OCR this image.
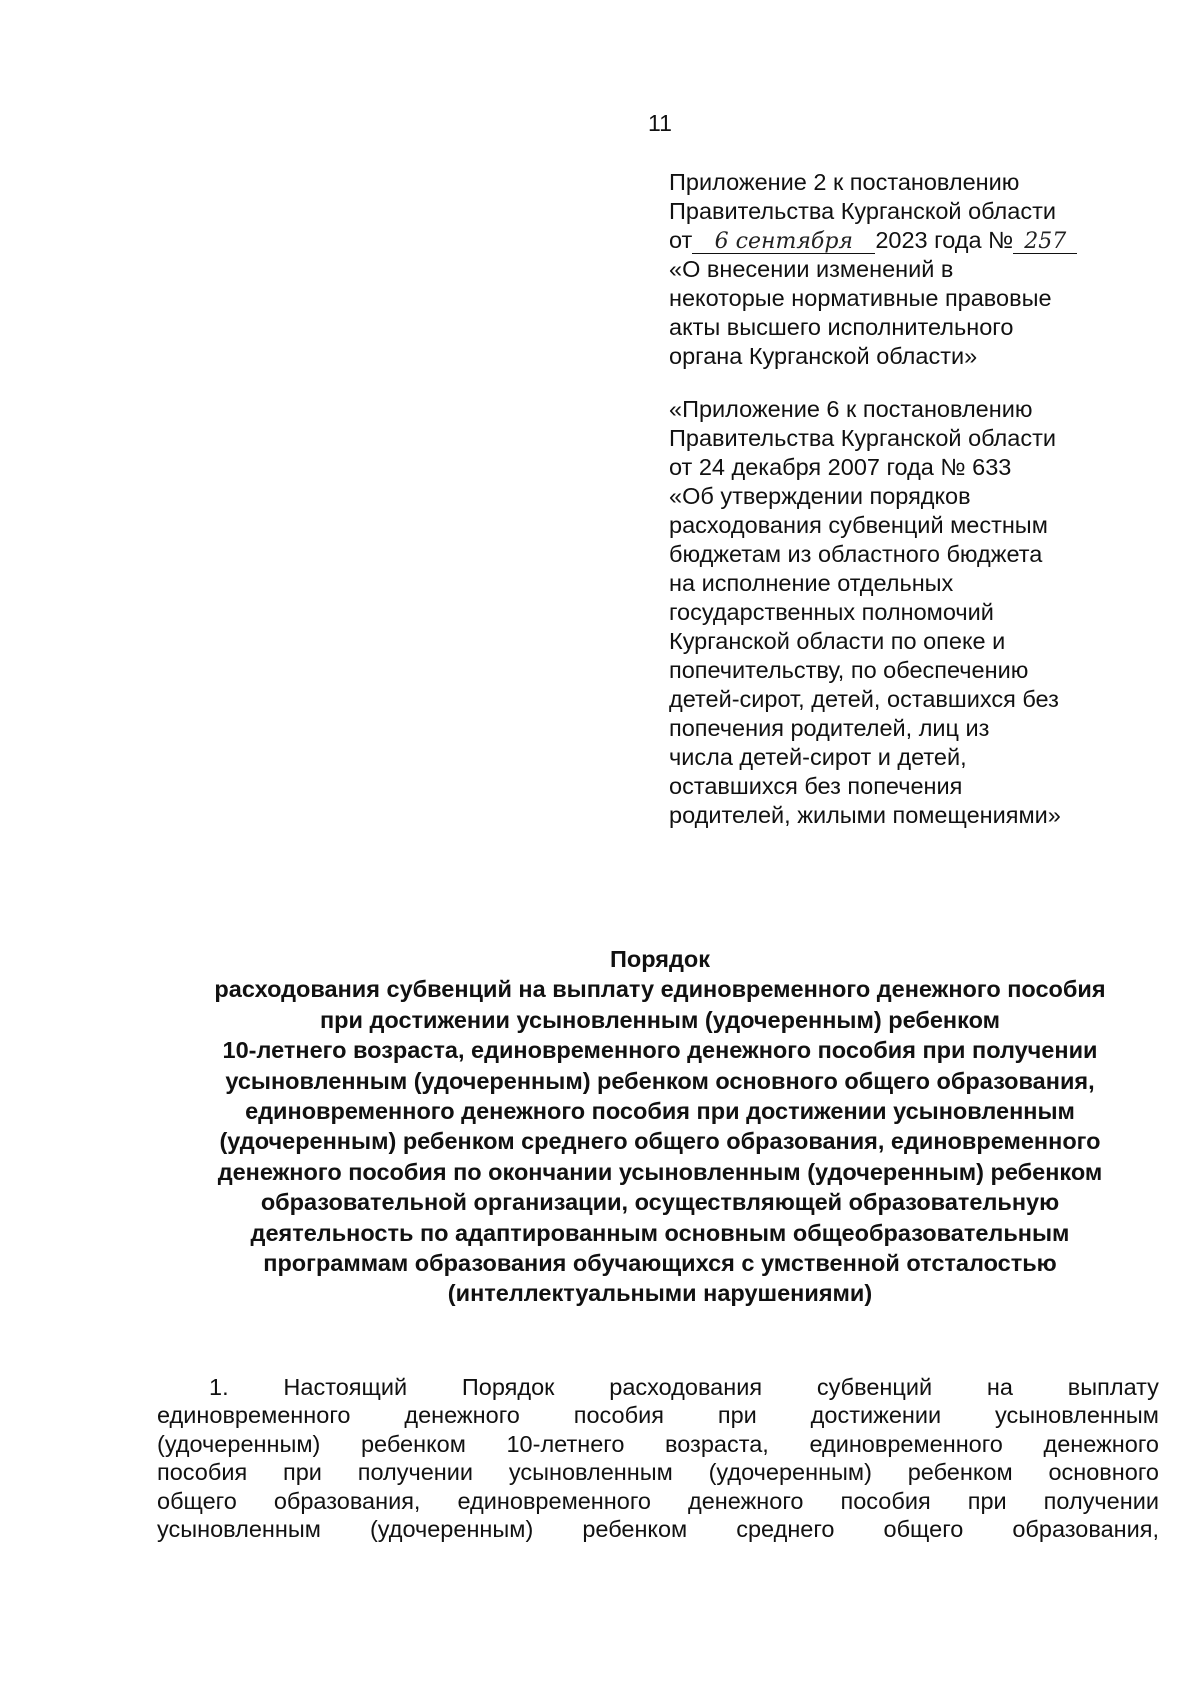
11
Приложение 2 к постановлению
Правительства Курганской области
от 6 сентября 2023 года № 257
«О внесении изменений в
некоторые нормативные правовые
акты высшего исполнительного
органа Курганской области»
«Приложение 6 к постановлению
Правительства Курганской области
от 24 декабря 2007 года № 633
«Об утверждении порядков
расходования субвенций местным
бюджетам из областного бюджета
на исполнение отдельных
государственных полномочий
Курганской области по опеке и
попечительству, по обеспечению
детей-сирот, детей, оставшихся без
попечения родителей, лиц из
числа детей-сирот и детей,
оставшихся без попечения
родителей, жилыми помещениями»
Порядок
расходования субвенций на выплату единовременного денежного пособия
при достижении усыновленным (удочеренным) ребенком
10-летнего возраста, единовременного денежного пособия при получении
усыновленным (удочеренным) ребенком основного общего образования,
единовременного денежного пособия при достижении усыновленным
(удочеренным) ребенком среднего общего образования, единовременного
денежного пособия по окончании усыновленным (удочеренным) ребенком
образовательной организации, осуществляющей образовательную
деятельность по адаптированным основным общеобразовательным
программам образования обучающихся с умственной отсталостью
(интеллектуальными нарушениями)
1. Настоящий Порядок расходования субвенций на выплату
единовременного денежного пособия при достижении усыновленным
(удочеренным) ребенком 10-летнего возраста, единовременного денежного
пособия при получении усыновленным (удочеренным) ребенком основного
общего образования, единовременного денежного пособия при получении
усыновленным (удочеренным) ребенком среднего общего образования,
